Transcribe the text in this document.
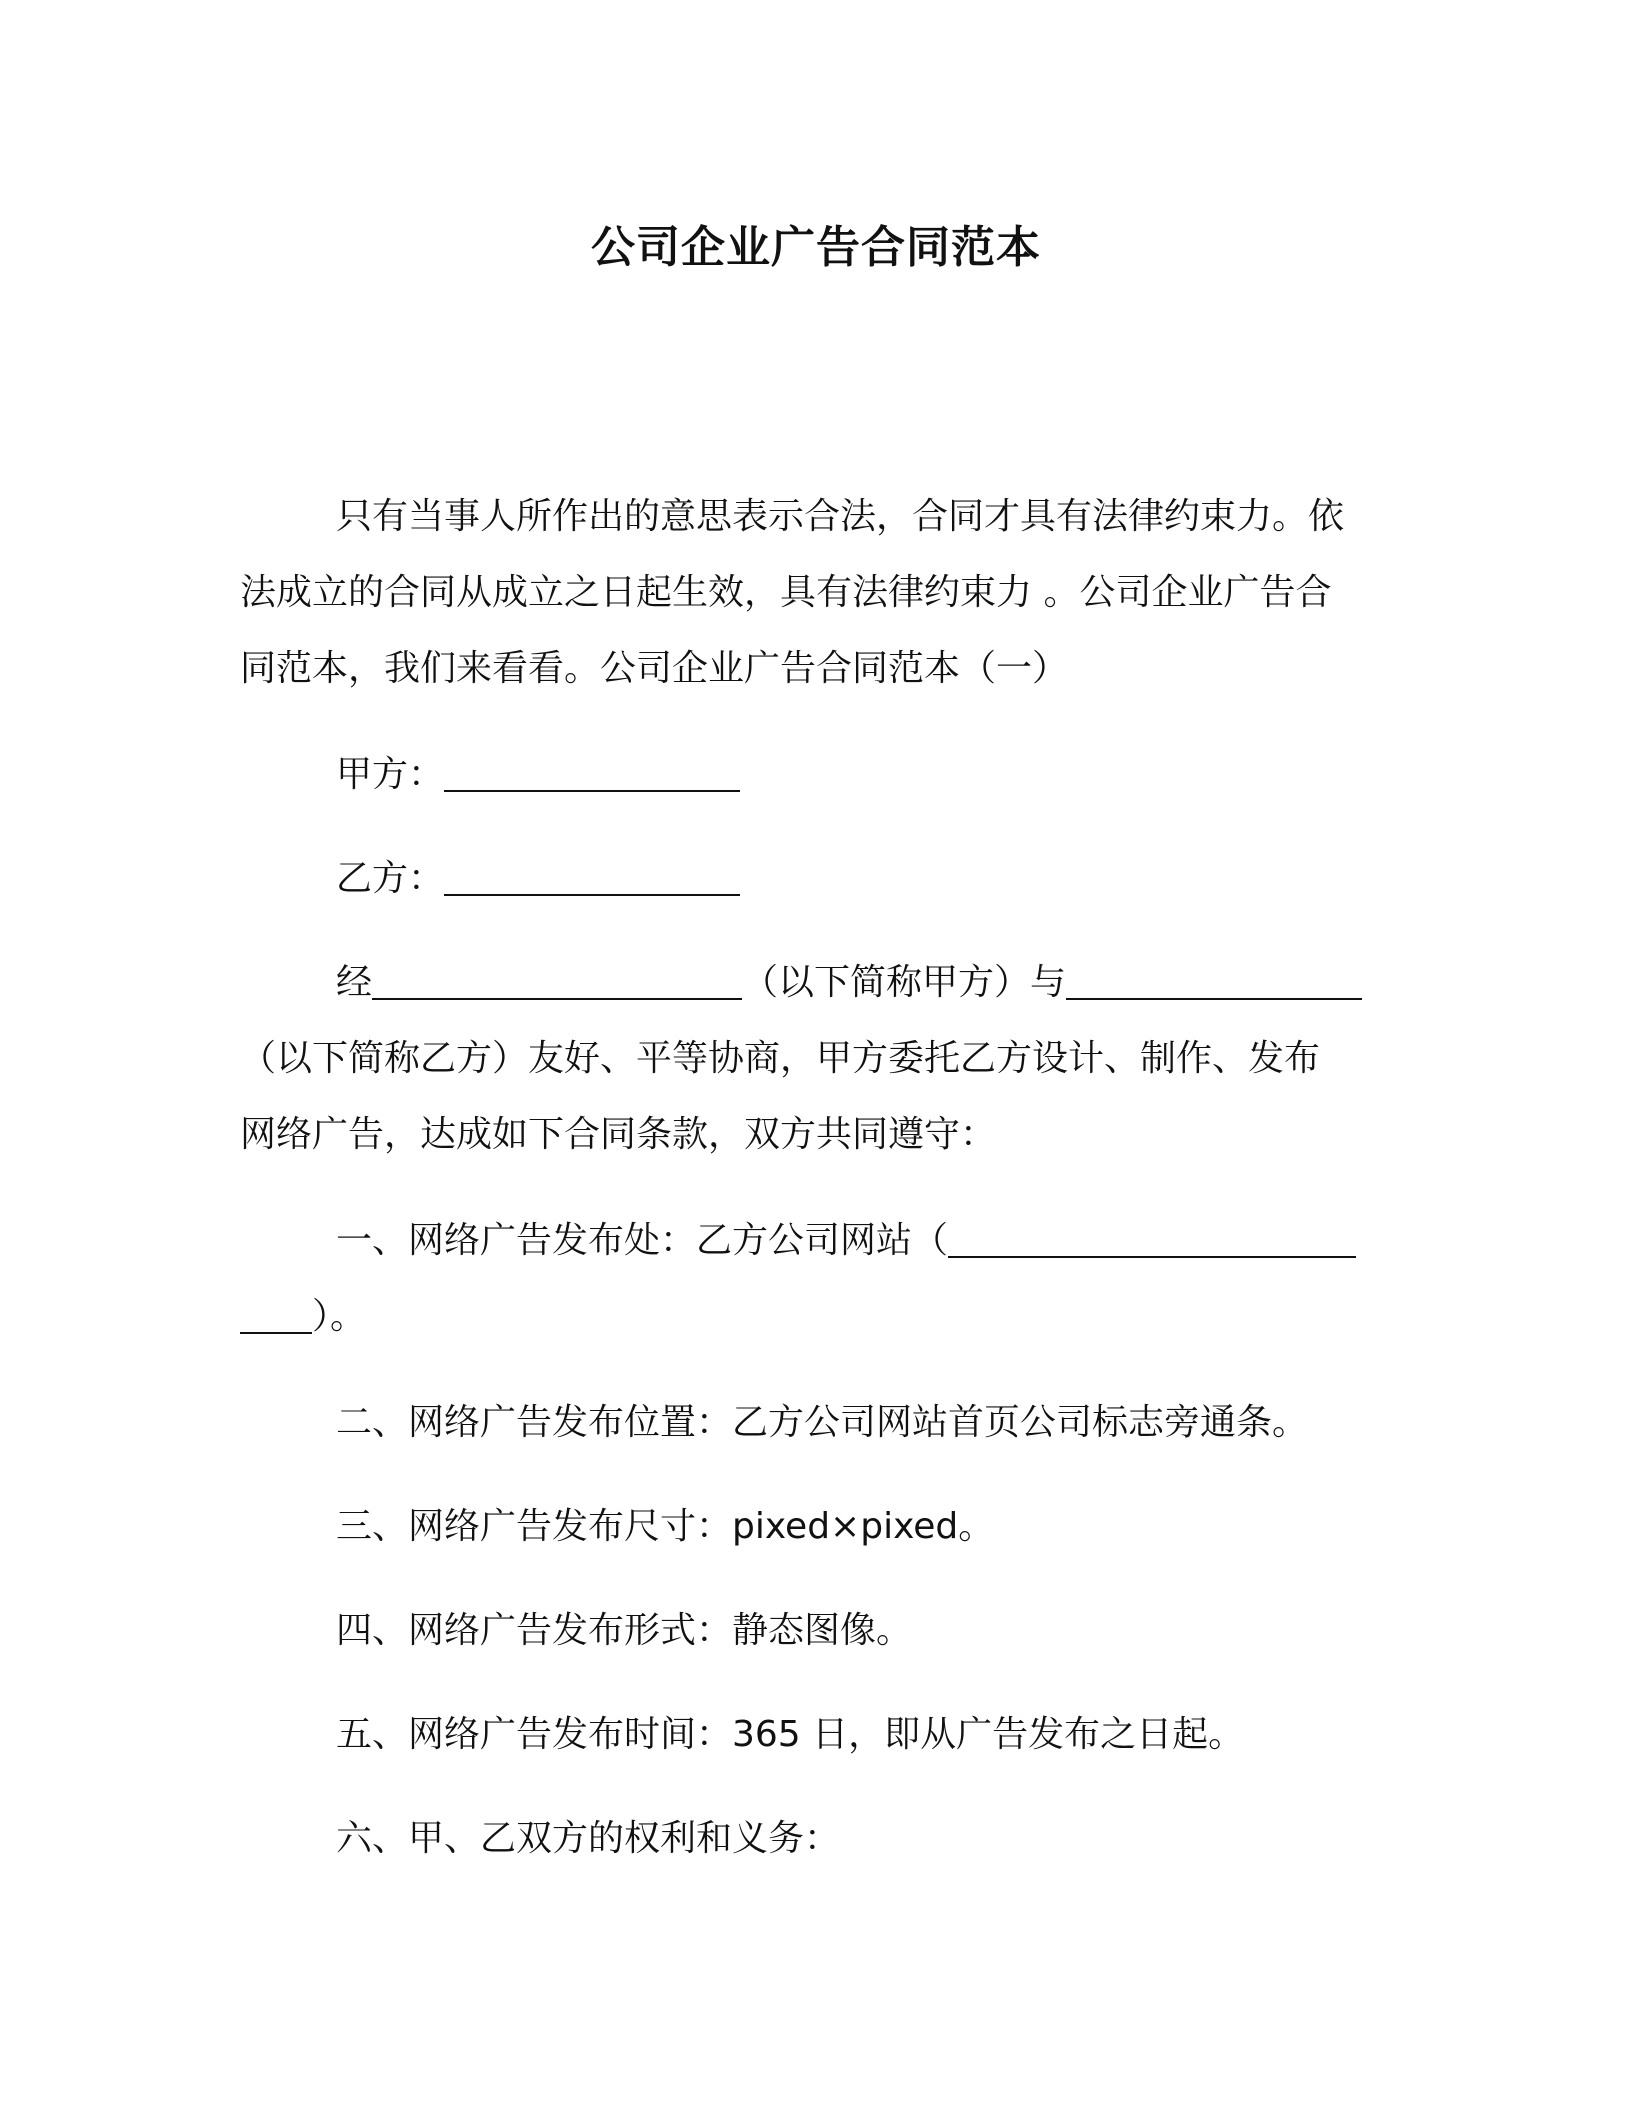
公司企业广告合同范本
只有当事人所作出的意思表示合法，合同才具有法律约束力。依
法成立的合同从成立之日起生效，具有法律约束力 。公司企业广告合
同范本，我们来看看。公司企业广告合同范本（一）
甲方：
乙方：
经	（以下简称甲方）与
（以下简称乙方）友好、平等协商，甲方委托乙方设计、制作、发布
网络广告，达成如下合同条款，双方共同遵守：
一、网络广告发布处：乙方公司网站（
）。
二、网络广告发布位置：乙方公司网站首页公司标志旁通条。
三、网络广告发布尺寸：pixed×pixed。
四、网络广告发布形式：静态图像。
五、网络广告发布时间：365 日，即从广告发布之日起。
六、甲、乙双方的权利和义务：
